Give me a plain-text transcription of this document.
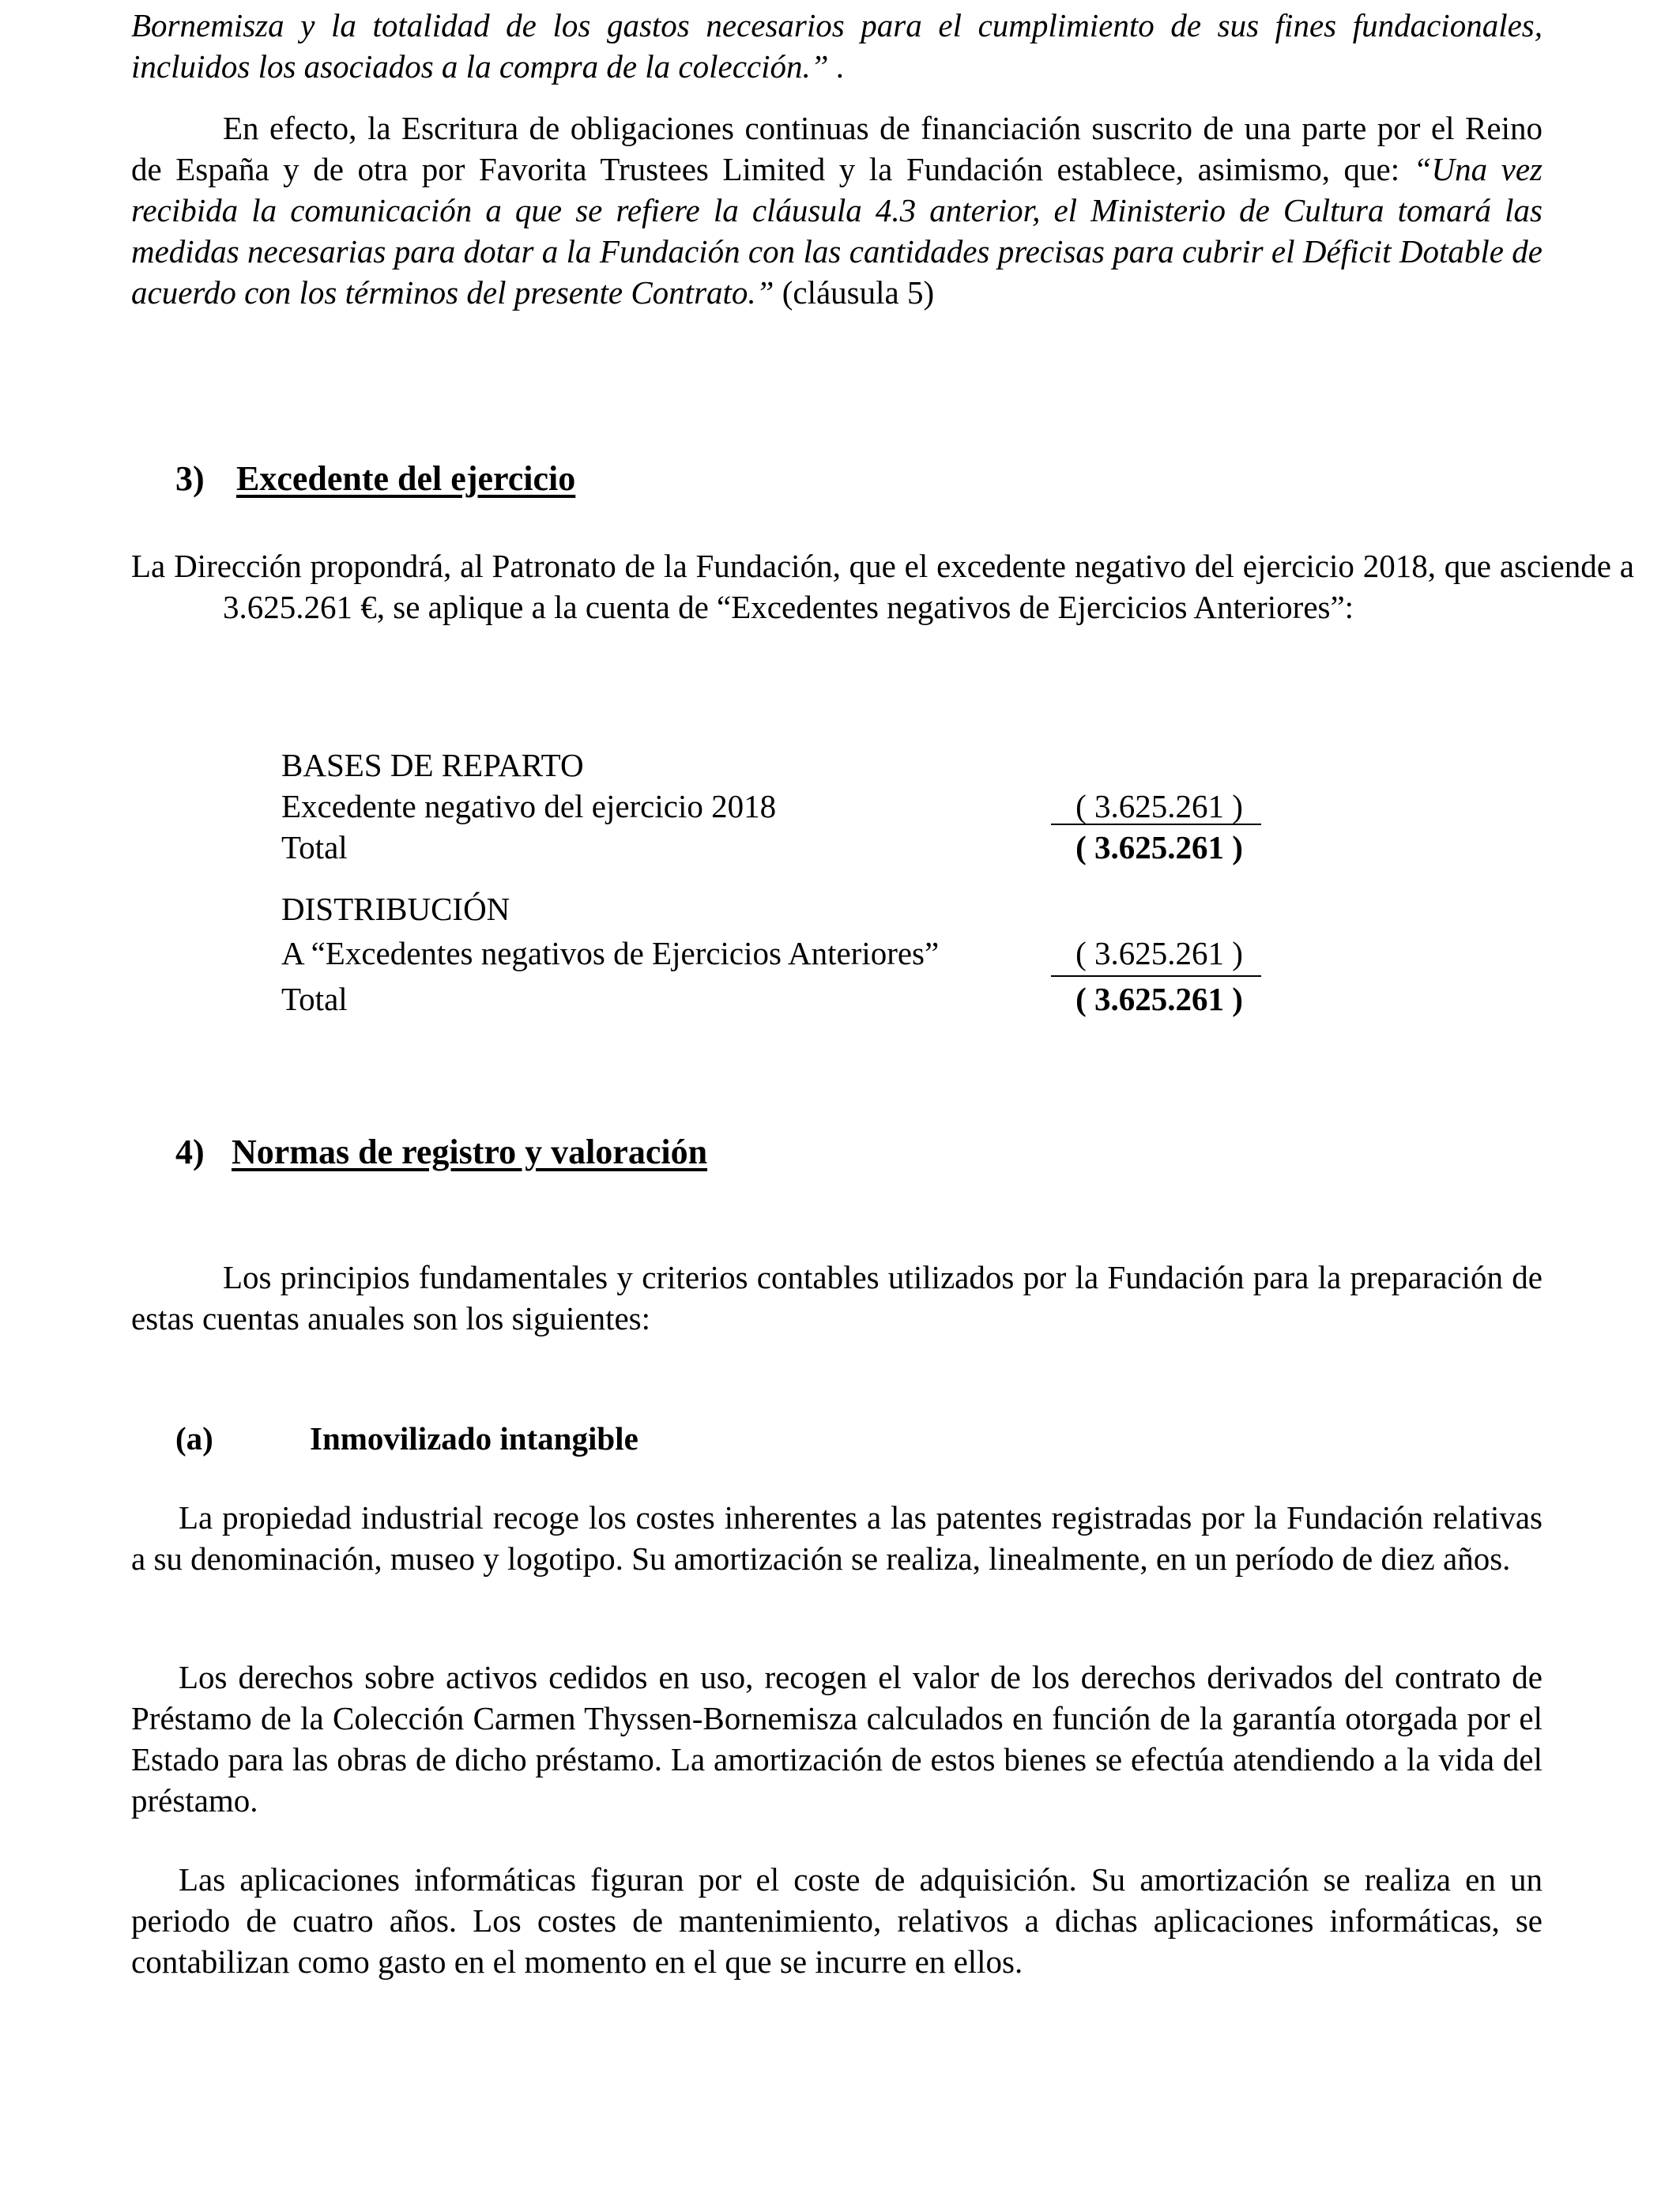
Bornemisza y la totalidad de los gastos necesarios para el cumplimiento de sus fines fundacionales, incluidos los asociados a la compra de la colección.” .

En efecto, la Escritura de obligaciones continuas de financiación suscrito de una parte por el Reino de España y de otra por Favorita Trustees Limited y la Fundación establece, asimismo, que: “Una vez recibida la comunicación a que se refiere la cláusula 4.3 anterior, el Ministerio de Cultura tomará las medidas necesarias para dotar a la Fundación con las cantidades precisas para cubrir el Déficit Dotable de acuerdo con los términos del presente Contrato.” (cláusula 5)

3) Excedente del ejercicio

La Dirección propondrá, al Patronato de la Fundación, que el excedente negativo del ejercicio 2018, que asciende a 3.625.261 €, se aplique a la cuenta de “Excedentes negativos de Ejercicios Anteriores”:

BASES DE REPARTO
Excedente negativo del ejercicio 2018	( 3.625.261 )
Total	( 3.625.261 )
DISTRIBUCIÓN
A “Excedentes negativos de Ejercicios Anteriores”	( 3.625.261 )
Total	( 3.625.261 )
4) Normas de registro y valoración

Los principios fundamentales y criterios contables utilizados por la Fundación para la preparación de estas cuentas anuales son los siguientes:

(a)	Inmovilizado intangible

La propiedad industrial recoge los costes inherentes a las patentes registradas por la Fundación relativas a su denominación, museo y logotipo. Su amortización se realiza, linealmente, en un período de diez años.

Los derechos sobre activos cedidos en uso, recogen el valor de los derechos derivados del contrato de Préstamo de la Colección Carmen Thyssen-Bornemisza calculados en función de la garantía otorgada por el Estado para las obras de dicho préstamo. La amortización de estos bienes se efectúa atendiendo a la vida del préstamo.

Las aplicaciones informáticas figuran por el coste de adquisición. Su amortización se realiza en un periodo de cuatro años. Los costes de mantenimiento, relativos a dichas aplicaciones informáticas, se contabilizan como gasto en el momento en el que se incurre en ellos.
